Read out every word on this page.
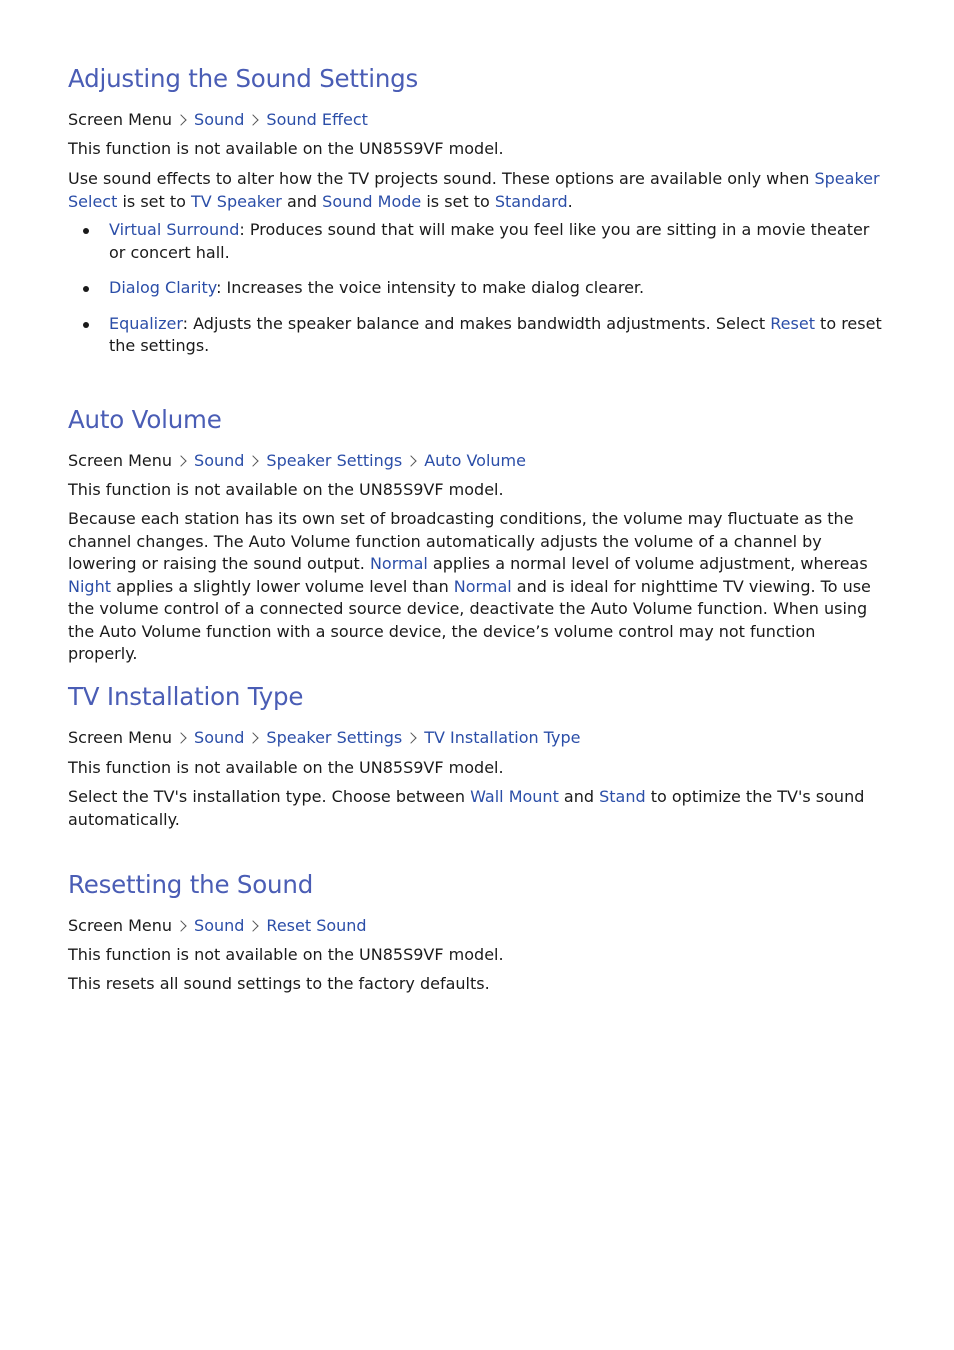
Adjusting the Sound Settings
Screen Menu Sound Sound Effect

This function is not available on the UN85S9VF model.

Use sound effects to alter how the TV projects sound. These options are available only when Speaker Select is set to TV Speaker and Sound Mode is set to Standard.

Virtual Surround: Produces sound that will make you feel like you are sitting in a movie theater or concert hall.
Dialog Clarity: Increases the voice intensity to make dialog clearer.
Equalizer: Adjusts the speaker balance and makes bandwidth adjustments. Select Reset to reset the settings.
Auto Volume
Screen Menu Sound Speaker Settings Auto Volume

This function is not available on the UN85S9VF model.

Because each station has its own set of broadcasting conditions, the volume may fluctuate as the channel changes. The Auto Volume function automatically adjusts the volume of a channel by lowering or raising the sound output. Normal applies a normal level of volume adjustment, whereas Night applies a slightly lower volume level than Normal and is ideal for nighttime TV viewing. To use the volume control of a connected source device, deactivate the Auto Volume function. When using the Auto Volume function with a source device, the device’s volume control may not function properly.

TV Installation Type
Screen Menu Sound Speaker Settings TV Installation Type

This function is not available on the UN85S9VF model.

Select the TV's installation type. Choose between Wall Mount and Stand to optimize the TV's sound automatically.

Resetting the Sound
Screen Menu Sound Reset Sound

This function is not available on the UN85S9VF model.

This resets all sound settings to the factory defaults.
